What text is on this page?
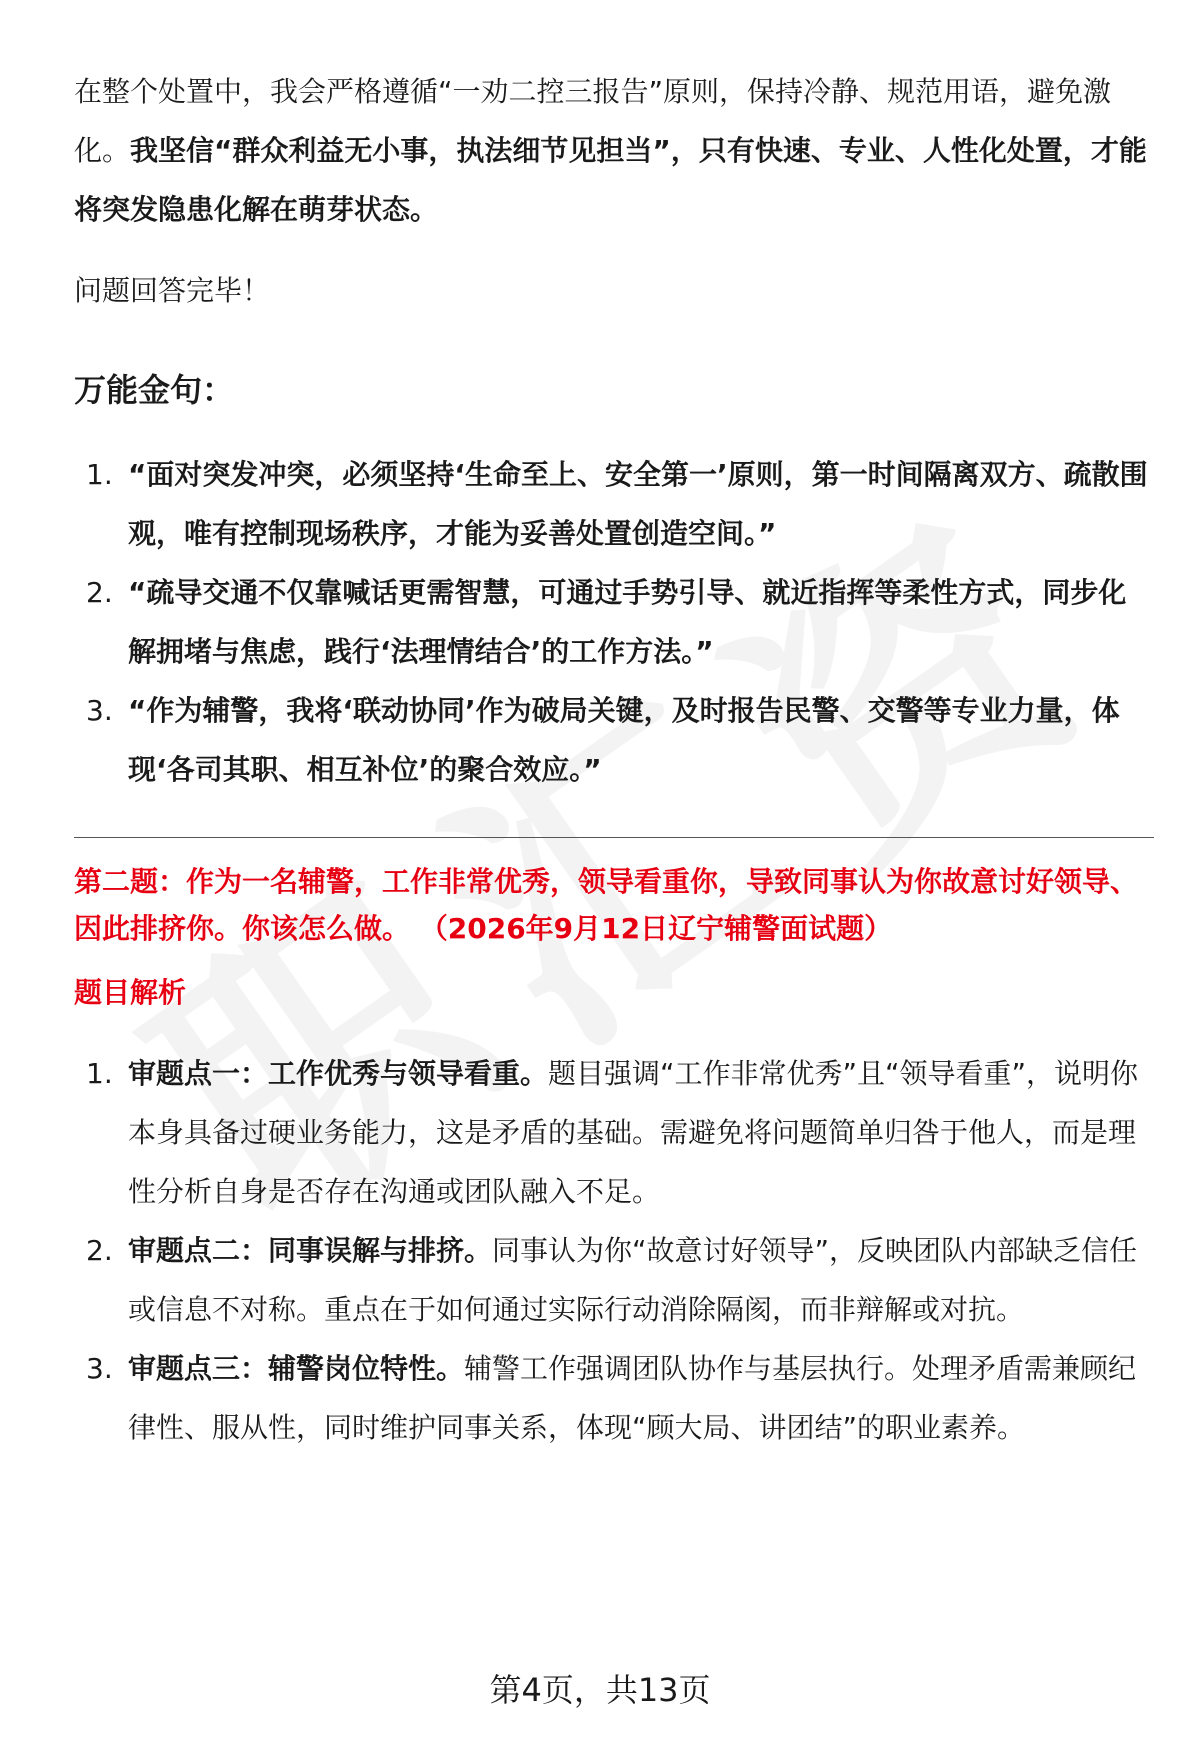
在整个处置中，我会严格遵循“一劝二控三报告”原则，保持冷静、规范用语，避免激化。我坚信“群众利益无小事，执法细节见担当”，只有快速、专业、人性化处置，才能将突发隐患化解在萌芽状态。

问题回答完毕！

万能金句：
1. “面对突发冲突，必须坚持‘生命至上、安全第一’原则，第一时间隔离双方、疏散围观，唯有控制现场秩序，才能为妥善处置创造空间。”
2. “疏导交通不仅靠喊话更需智慧，可通过手势引导、就近指挥等柔性方式，同步化解拥堵与焦虑，践行‘法理情结合’的工作方法。”
3. “作为辅警，我将‘联动协同’作为破局关键，及时报告民警、交警等专业力量，体现‘各司其职、相互补位’的聚合效应。”

第二题：作为一名辅警，工作非常优秀，领导看重你，导致同事认为你故意讨好领导、因此排挤你。你该怎么做。 （2026年9月12日辽宁辅警面试题）

题目解析

1. 审题点一：工作优秀与领导看重。题目强调“工作非常优秀”且“领导看重”，说明你本身具备过硬业务能力，这是矛盾的基础。需避免将问题简单归咎于他人，而是理性分析自身是否存在沟通或团队融入不足。
2. 审题点二：同事误解与排挤。同事认为你“故意讨好领导”，反映团队内部缺乏信任或信息不对称。重点在于如何通过实际行动消除隔阂，而非辩解或对抗。
3. 审题点三：辅警岗位特性。辅警工作强调团队协作与基层执行。处理矛盾需兼顾纪律性、服从性，同时维护同事关系，体现“顾大局、讲团结”的职业素养。
第4页，共13页
